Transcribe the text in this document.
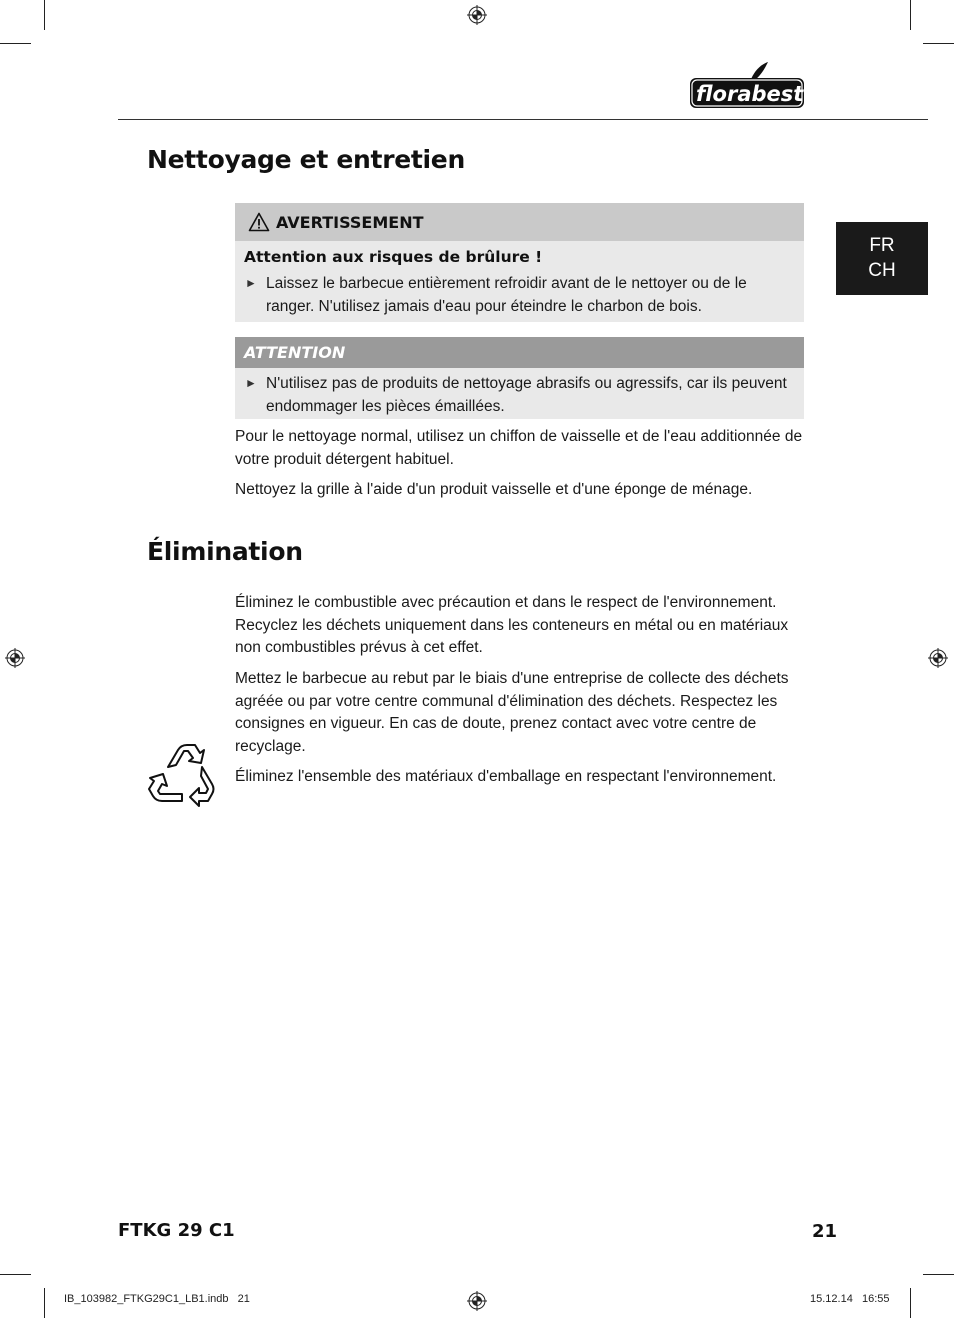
florabest
FR
CH
Nettoyage et entretien
AVERTISSEMENT
Attention aux risques de brûlure !
► Laissez le barbecue entièrement refroidir avant de le nettoyer ou de le ranger. N'utilisez jamais d'eau pour éteindre le charbon de bois.
ATTENTION
► N'utilisez pas de produits de nettoyage abrasifs ou agressifs, car ils peuvent endommager les pièces émaillées.

Pour le nettoyage normal, utilisez un chiffon de vaisselle et de l'eau additionnée de votre produit détergent habituel.

Nettoyez la grille à l'aide d'un produit vaisselle et d'une éponge de ménage.

Élimination

Éliminez le combustible avec précaution et dans le respect de l'environnement. Recyclez les déchets uniquement dans les conteneurs en métal ou en matériaux non combustibles prévus à cet effet.

Mettez le barbecue au rebut par le biais d'une entreprise de collecte des déchets agréée ou par votre centre communal d'élimination des déchets. Respectez les consignes en vigueur. En cas de doute, prenez contact avec votre centre de recyclage.

Éliminez l'ensemble des matériaux d'emballage en respectant l'environnement.

FTKG 29 C1	21
IB_103982_FTKG29C1_LB1.indb   21	15.12.14   16:55
